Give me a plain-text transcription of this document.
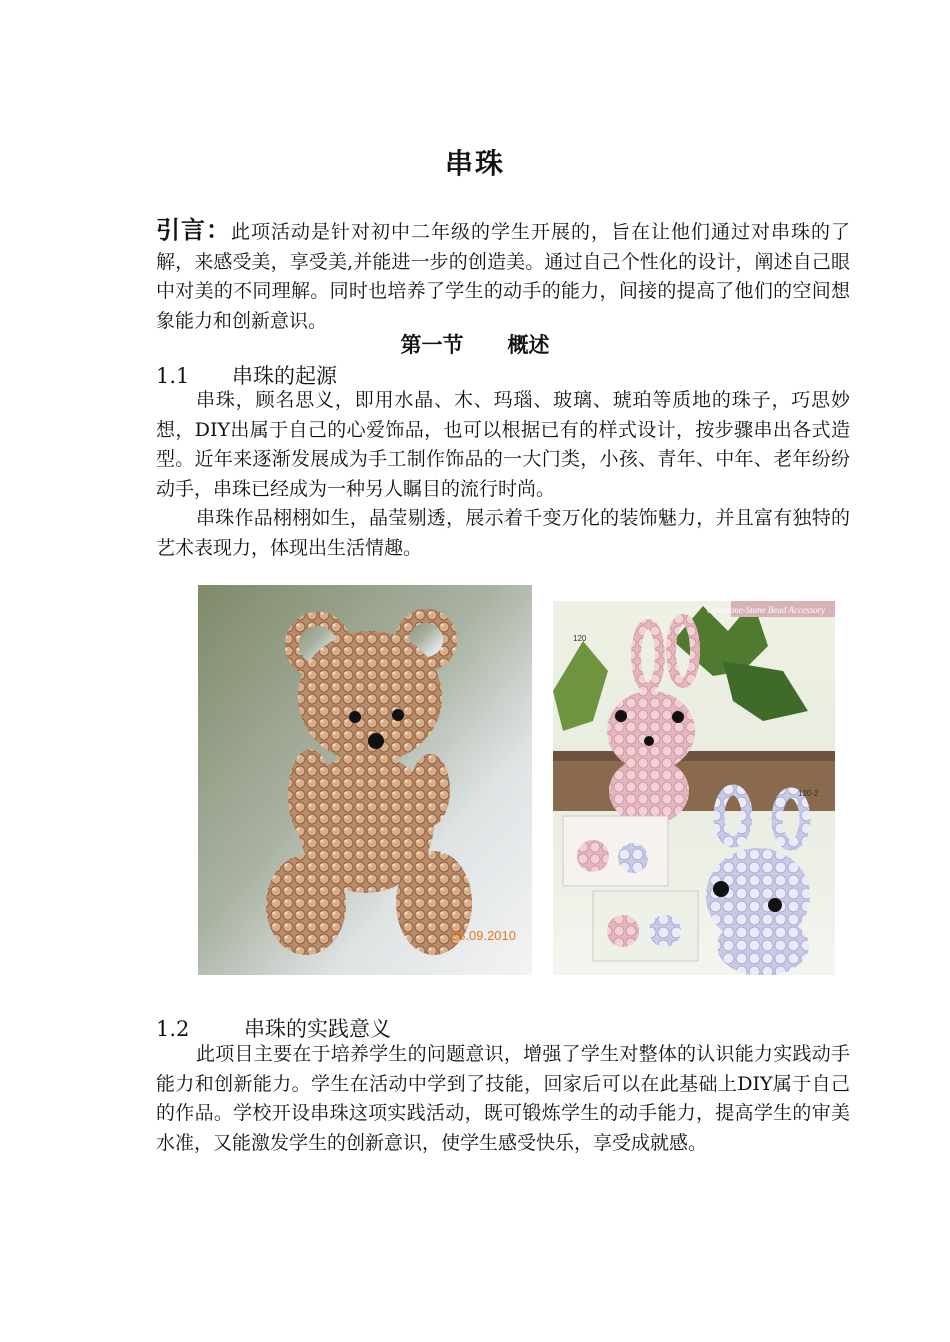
串珠

引言：此项活动是针对初中二年级的学生开展的，旨在让他们通过对串珠的了解，来感受美，享受美,并能进一步的创造美。通过自己个性化的设计，阐述自己眼中对美的不同理解。同时也培养了学生的动手的能力，间接的提高了他们的空间想象能力和创新意识。

第一节 概述
1.1 串珠的起源

串珠，顾名思义，即用水晶、木、玛瑙、玻璃、琥珀等质地的珠子，巧思妙想，DIY出属于自己的心爱饰品，也可以根据已有的样式设计，按步骤串出各式造型。近年来逐渐发展成为手工制作饰品的一大门类，小孩、青年、中年、老年纷纷动手，串珠已经成为一种另人瞩目的流行时尚。

串珠作品栩栩如生，晶莹剔透，展示着千变万化的装饰魅力，并且富有独特的艺术表现力，体现出生活情趣。

28.09.2010
Gemstone-Stone Bead Accessory
120
120-2
1.2	串珠的实践意义

此项目主要在于培养学生的问题意识，增强了学生对整体的认识能力实践动手能力和创新能力。学生在活动中学到了技能，回家后可以在此基础上DIY属于自己的作品。学校开设串珠这项实践活动，既可锻炼学生的动手能力，提高学生的审美水准，又能激发学生的创新意识，使学生感受快乐，享受成就感。
